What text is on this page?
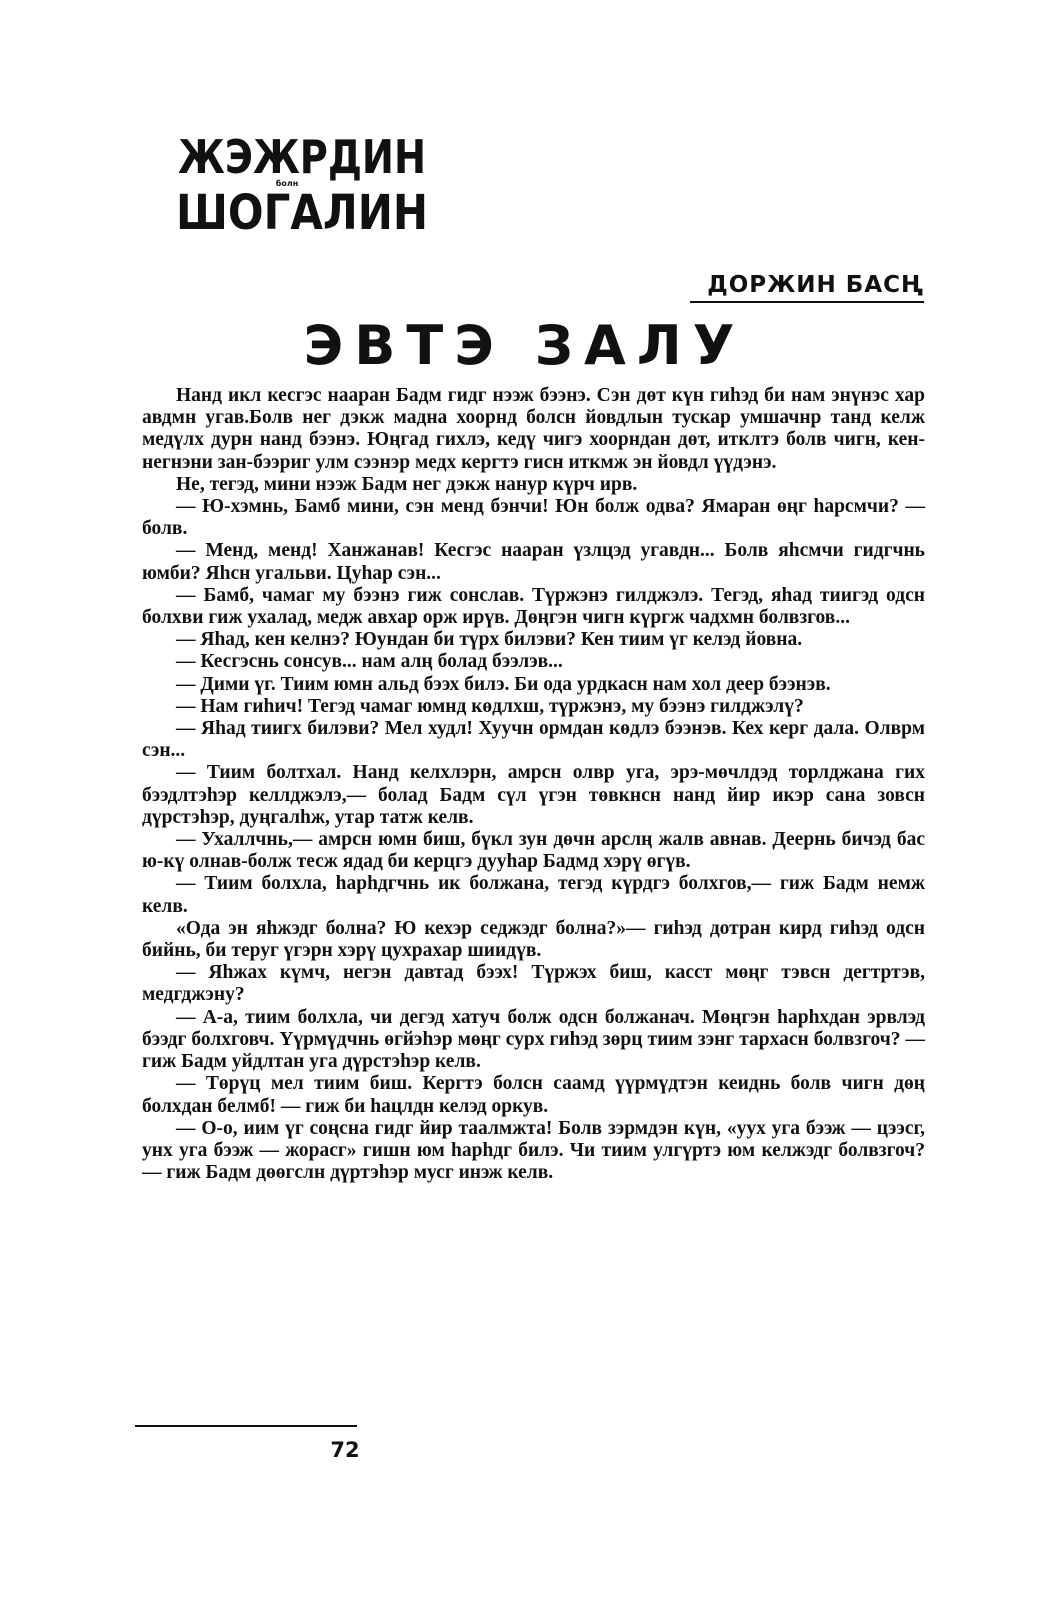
ЖЭЖРДИН
болн
ШОГАЛИН
ДОРЖИН БАСҢ
ЭВТЭ ЗАЛУ

Нанд икл кесгэс нааран Бадм гидг нээж бээнэ. Сэн дөт күн гиhэд би нам энүнэс хар авдмн угав.Болв нег дэкж мадна хоорнд болсн йовдлын тускар умшачнр танд келж медүлх дурн нанд бээнэ. Юңгад гихлэ, кедү чигэ хоорндан дөт, итклтэ болв чигн, кен-негнэни зан-бээриг улм сээнэр медх кергтэ гисн иткмж эн йовдл үүдэнэ.

Не, тегэд, мини нээж Бадм нег дэкж нанур күрч ирв.

— Ю-хэмнь, Бамб мини, сэн менд бэнчи! Юн болж одва? Ямаран өңг hарсмчи? — болв.

— Менд, менд! Ханжанав! Кесгэс нааран үзлцэд угавдн... Болв яhсмчи гидгчнь юмби? Яhсн угальви. Цуhар сэн...

— Бамб, чамаг му бээнэ гиж сонслав. Түржэнэ гилджэлэ. Тегэд, яhад тиигэд одсн болхви гиж ухалад, медж авхар орж ирүв. Дөңгэн чигн күргж чадхмн болвзгов...

— Яhад, кен келнэ? Юундан би түрх билэви? Кен тиим үг келэд йовна.

— Кесгэснь сонсув... нам алң болад бээлэв...

— Дими үг. Тиим юмн альд бээх билэ. Би ода урдкасн нам хол деер бээнэв.

— Нам гиhич! Тегэд чамаг юмнд көдлхш, түржэнэ, му бээнэ гилджэлү?

— Яhад тиигх билэви? Мел худл! Хуучн ормдан көдлэ бээнэв. Кех керг дала. Олврм сэн...

— Тиим болтхал. Нанд келхлэрн, амрсн олвр уга, эрэ-мөчлдэд торлджана гих бээдлтэhэр келлджэлэ,— болад Бадм сүл үгэн төвкнсн нанд йир икэр сана зовсн дүрстэhэр, дуңгалhж, утар татж келв.

— Ухаллчнь,— амрсн юмн биш, бүкл зун дөчн арслң жалв авнав. Деернь бичэд бас ю-кү олнав-болж тесж ядад би керцгэ дууhар Бадмд хэрү өгүв.

— Тиим болхла, hарhдгчнь ик болжана, тегэд күрдгэ болхгов,— гиж Бадм немж келв.

«Ода эн яhжэдг болна? Ю кехэр седжэдг болна?»— гиhэд дотран кирд гиhэд одсн бийнь, би теруг үгэрн хэрү цухрахар шиидүв.

— Яhжах күмч, негэн давтад бээх! Түржэх биш, касст мөңг тэвсн дегтртэв, медгджэну?

— А-а, тиим болхла, чи дегэд хатуч болж одсн болжанач. Мөңгэн hарhхдан эрвлэд бээдг болхговч. Үүрмүдчнь өгйэhэр мөңг сурх гиhэд зөрц тиим зэнг тархасн болвзгоч? — гиж Бадм уйдлтан уга дүрстэhэр келв.

— Төрүц мел тиим биш. Кергтэ болсн саамд үүрмүдтэн кеиднь болв чигн дөң болхдан белмб! — гиж би hацлдн келэд оркув.

— О-о, иим үг соңсна гидг йир таалмжта! Болв зэрмдэн күн, «уух уга бээж — цээсг, унх уга бээж — жорасг» гишн юм hарhдг билэ. Чи тиим улгүртэ юм келжэдг болвзгоч? — гиж Бадм дөөгслн дүртэhэр мусг инэж келв.

72
